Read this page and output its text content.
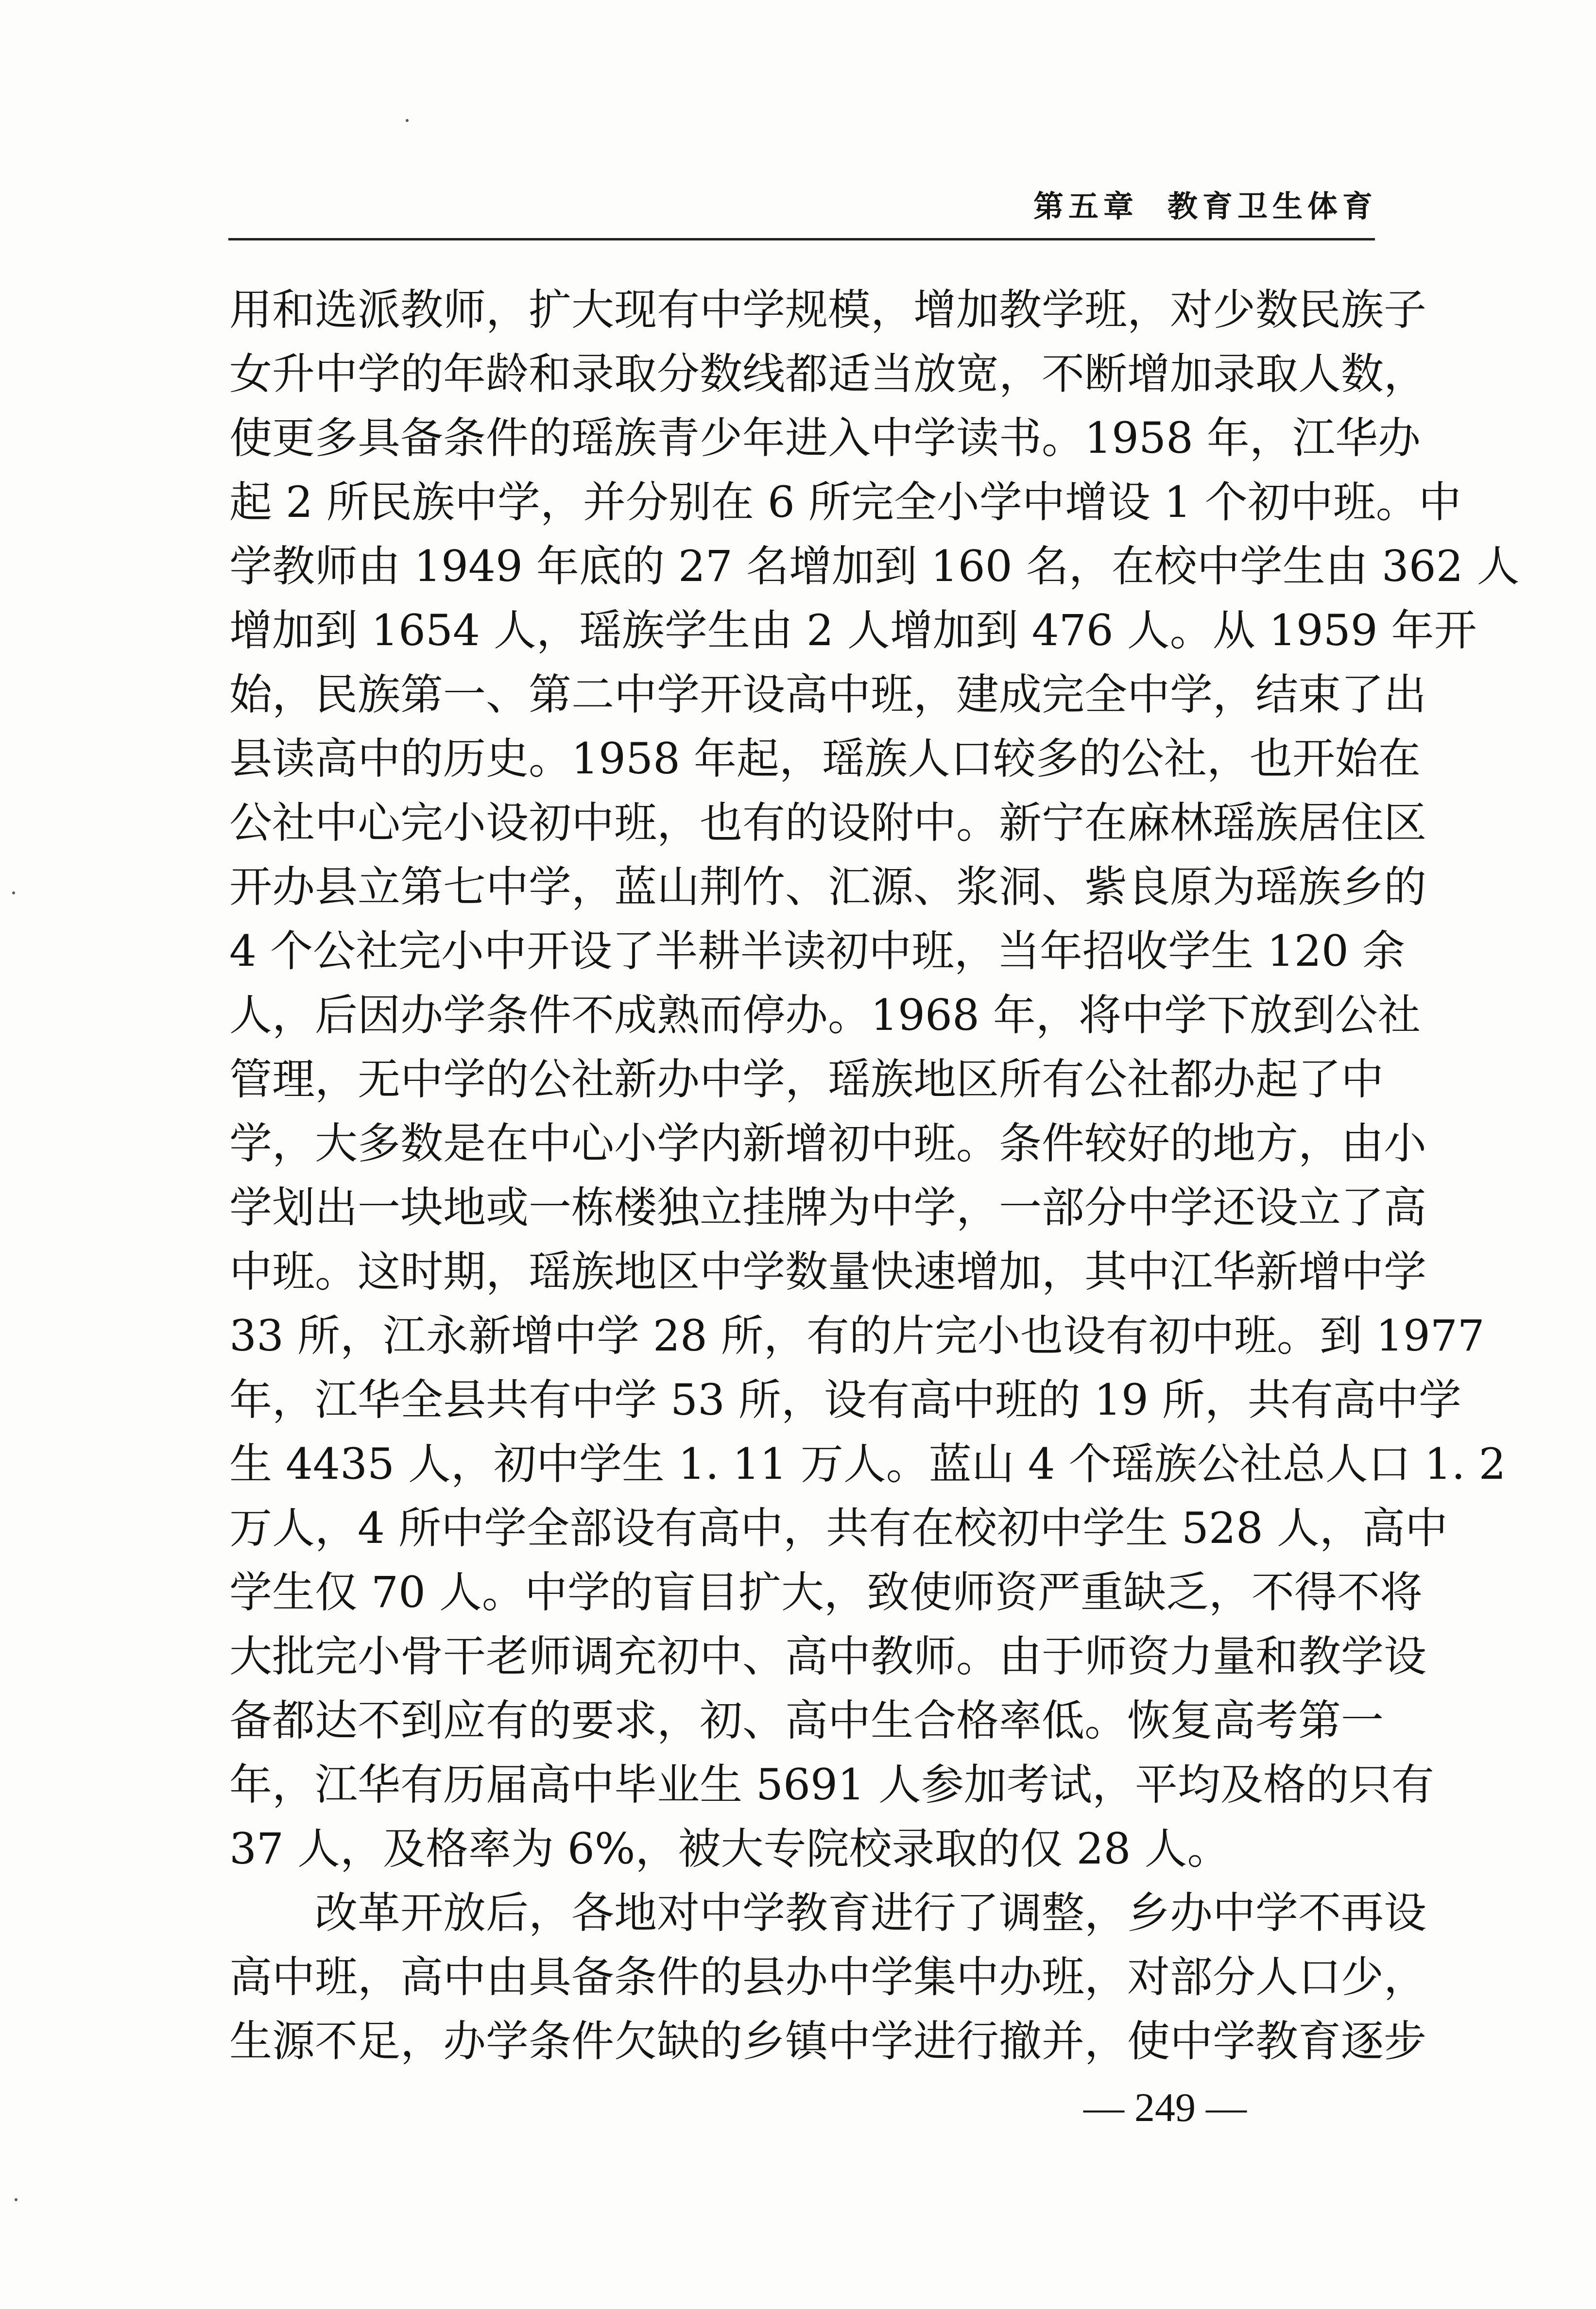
第五章 教育卫生体育
用和选派教师，扩大现有中学规模，增加教学班，对少数民族子
女升中学的年龄和录取分数线都适当放宽，不断增加录取人数，
使更多具备条件的瑶族青少年进入中学读书。1958 年，江华办
起 2 所民族中学，并分别在 6 所完全小学中增设 1 个初中班。中
学教师由 1949 年底的 27 名增加到 160 名，在校中学生由 362 人
增加到 1654 人，瑶族学生由 2 人增加到 476 人。从 1959 年开
始，民族第一、第二中学开设高中班，建成完全中学，结束了出
县读高中的历史。1958 年起，瑶族人口较多的公社，也开始在
公社中心完小设初中班，也有的设附中。新宁在麻林瑶族居住区
开办县立第七中学，蓝山荆竹、汇源、浆洞、紫良原为瑶族乡的
4 个公社完小中开设了半耕半读初中班，当年招收学生 120 余
人，后因办学条件不成熟而停办。1968 年，将中学下放到公社
管理，无中学的公社新办中学，瑶族地区所有公社都办起了中
学，大多数是在中心小学内新增初中班。条件较好的地方，由小
学划出一块地或一栋楼独立挂牌为中学，一部分中学还设立了高
中班。这时期，瑶族地区中学数量快速增加，其中江华新增中学
33 所，江永新增中学 28 所，有的片完小也设有初中班。到 1977
年，江华全县共有中学 53 所，设有高中班的 19 所，共有高中学
生 4435 人，初中学生 1. 11 万人。蓝山 4 个瑶族公社总人口 1. 2
万人，4 所中学全部设有高中，共有在校初中学生 528 人，高中
学生仅 70 人。中学的盲目扩大，致使师资严重缺乏，不得不将
大批完小骨干老师调充初中、高中教师。由于师资力量和教学设
备都达不到应有的要求，初、高中生合格率低。恢复高考第一
年，江华有历届高中毕业生 5691 人参加考试，平均及格的只有
37 人，及格率为 6%，被大专院校录取的仅 28 人。
改革开放后，各地对中学教育进行了调整，乡办中学不再设
高中班，高中由具备条件的县办中学集中办班，对部分人口少，
生源不足，办学条件欠缺的乡镇中学进行撤并，使中学教育逐步
— 249 —
